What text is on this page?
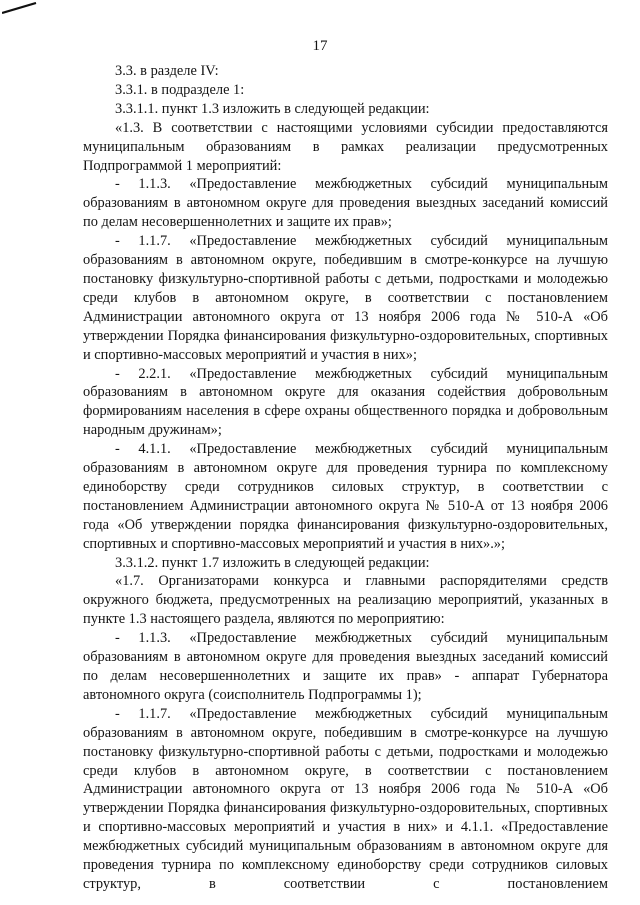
17

3.3. в разделе IV:

3.3.1. в подразделе 1:

3.3.1.1. пункт 1.3 изложить в следующей редакции:

«1.3. В соответствии с настоящими условиями субсидии предоставляются муниципальным образованиям в рамках реализации предусмотренных Подпрограммой 1 мероприятий:

- 1.1.3. «Предоставление межбюджетных субсидий муниципальным образованиям в автономном округе для проведения выездных заседаний комиссий по делам несовершеннолетних и защите их прав»;

- 1.1.7. «Предоставление межбюджетных субсидий муниципальным образованиям в автономном округе, победившим в смотре-конкурсе на лучшую постановку физкультурно-спортивной работы с детьми, подростками и молодежью среди клубов в автономном округе, в соответствии с постановлением Администрации автономного округа от 13 ноября 2006 года № 510-А «Об утверждении Порядка финансирования физкультурно-оздоровительных, спортивных и спортивно-массовых мероприятий и участия в них»;

- 2.2.1. «Предоставление межбюджетных субсидий муниципальным образованиям в автономном округе для оказания содействия добровольным формированиям населения в сфере охраны общественного порядка и добровольным народным дружинам»;

- 4.1.1. «Предоставление межбюджетных субсидий муниципальным образованиям в автономном округе для проведения турнира по комплексному единоборству среди сотрудников силовых структур, в соответствии с постановлением Администрации автономного округа № 510-А от 13 ноября 2006 года «Об утверждении порядка финансирования физкультурно-оздоровительных, спортивных и спортивно-массовых мероприятий и участия в них».»;

3.3.1.2. пункт 1.7 изложить в следующей редакции:

«1.7. Организаторами конкурса и главными распорядителями средств окружного бюджета, предусмотренных на реализацию мероприятий, указанных в пункте 1.3 настоящего раздела, являются по мероприятию:

- 1.1.3. «Предоставление межбюджетных субсидий муниципальным образованиям в автономном округе для проведения выездных заседаний комиссий по делам несовершеннолетних и защите их прав» - аппарат Губернатора автономного округа (соисполнитель Подпрограммы 1);

- 1.1.7. «Предоставление межбюджетных субсидий муниципальным образованиям в автономном округе, победившим в смотре-конкурсе на лучшую постановку физкультурно-спортивной работы с детьми, подростками и молодежью среди клубов в автономном округе, в соответствии с постановлением Администрации автономного округа от 13 ноября 2006 года № 510-А «Об утверждении Порядка финансирования физкультурно-оздоровительных, спортивных и спортивно-массовых мероприятий и участия в них» и 4.1.1. «Предоставление межбюджетных субсидий муниципальным образованиям в автономном округе для проведения турнира по комплексному единоборству среди сотрудников силовых структур, в соответствии с постановлением
